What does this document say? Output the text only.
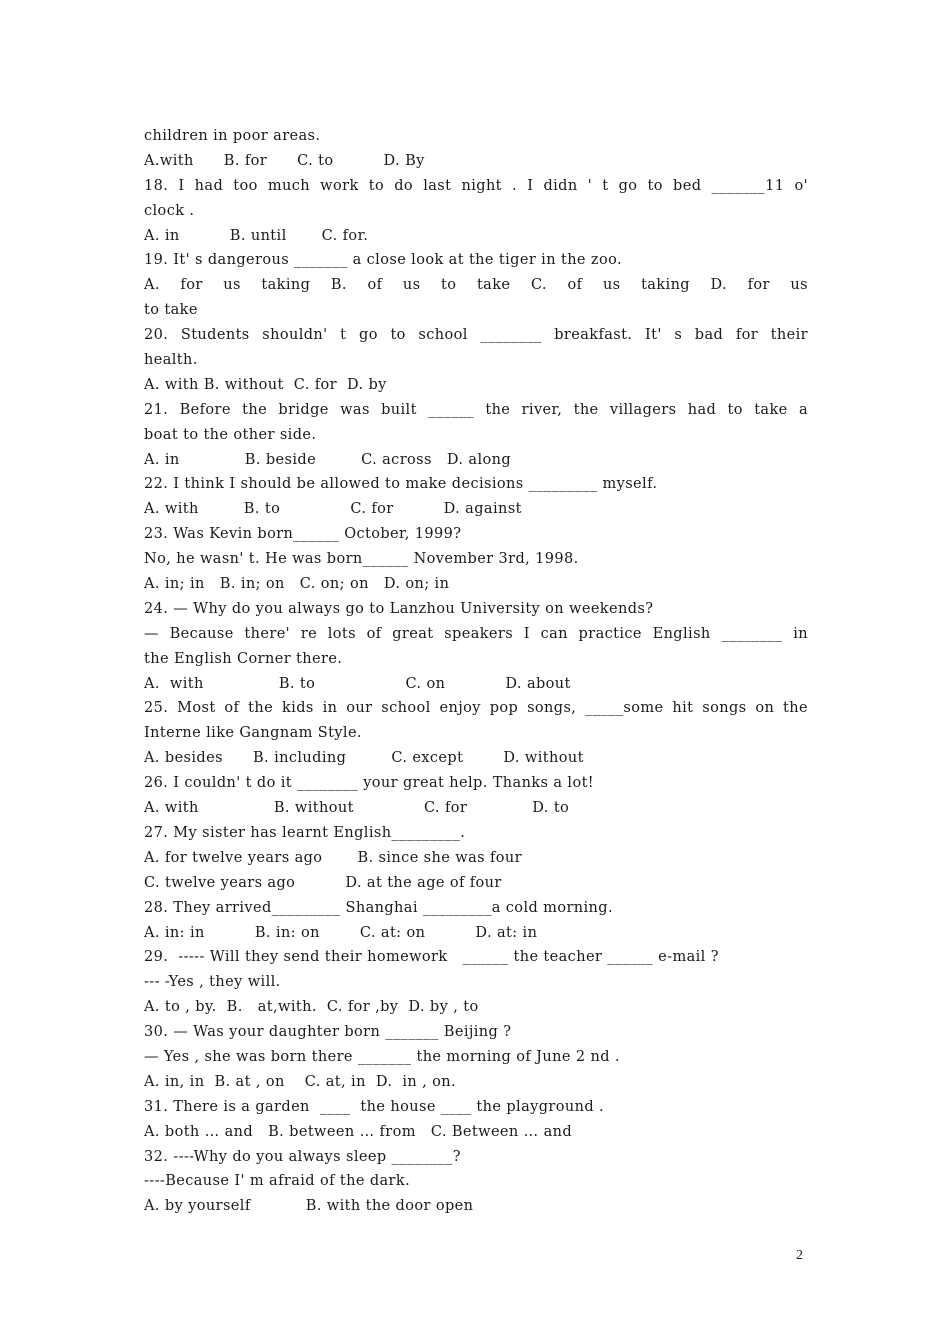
children in poor areas.
A.with      B. for      C. to          D. By
18. I had too much work to do last night . I didn ' t go to bed _______11 o'
clock .
A. in          B. until       C. for.
19. It' s dangerous _______ a close look at the tiger in the zoo.
A. for us taking B. of us to take C. of us taking D. for us
to take
20. Students shouldn' t go to school ________ breakfast. It' s bad for their
health.
A. with B. without  C. for  D. by
21. Before the bridge was built ______ the river, the villagers had to take a
boat to the other side.
A. in             B. beside         C. across   D. along
22. I think I should be allowed to make decisions _________ myself.
A. with         B. to              C. for          D. against
23. Was Kevin born______ October, 1999?
No, he wasn' t. He was born______ November 3rd, 1998.
A. in; in   B. in; on   C. on; on   D. on; in
24. — Why do you always go to Lanzhou University on weekends?
— Because there' re lots of great speakers I can practice English ________ in
the English Corner there.
A.  with               B. to                  C. on            D. about
25. Most of the kids in our school enjoy pop songs, _____some hit songs on the
Interne like Gangnam Style.
A. besides      B. including         C. except        D. without
26. I couldn' t do it ________ your great help. Thanks a lot!
A. with               B. without              C. for             D. to
27. My sister has learnt English_________.
A. for twelve years ago       B. since she was four
C. twelve years ago          D. at the age of four
28. They arrived_________ Shanghai _________a cold morning.
A. in: in          B. in: on        C. at: on          D. at: in
29.  ----- Will they send their homework   ______ the teacher ______ e-mail ?
--- -Yes , they will.
A. to , by.  B.   at,with.  C. for ,by  D. by , to
30. — Was your daughter born _______ Beijing ?
— Yes , she was born there _______ the morning of June 2 nd .
A. in, in  B. at , on    C. at, in  D.  in , on.
31. There is a garden  ____  the house ____ the playground .
A. both … and   B. between … from   C. Between … and
32. ----Why do you always sleep ________?
----Because I' m afraid of the dark.
A. by yourself           B. with the door open
2
